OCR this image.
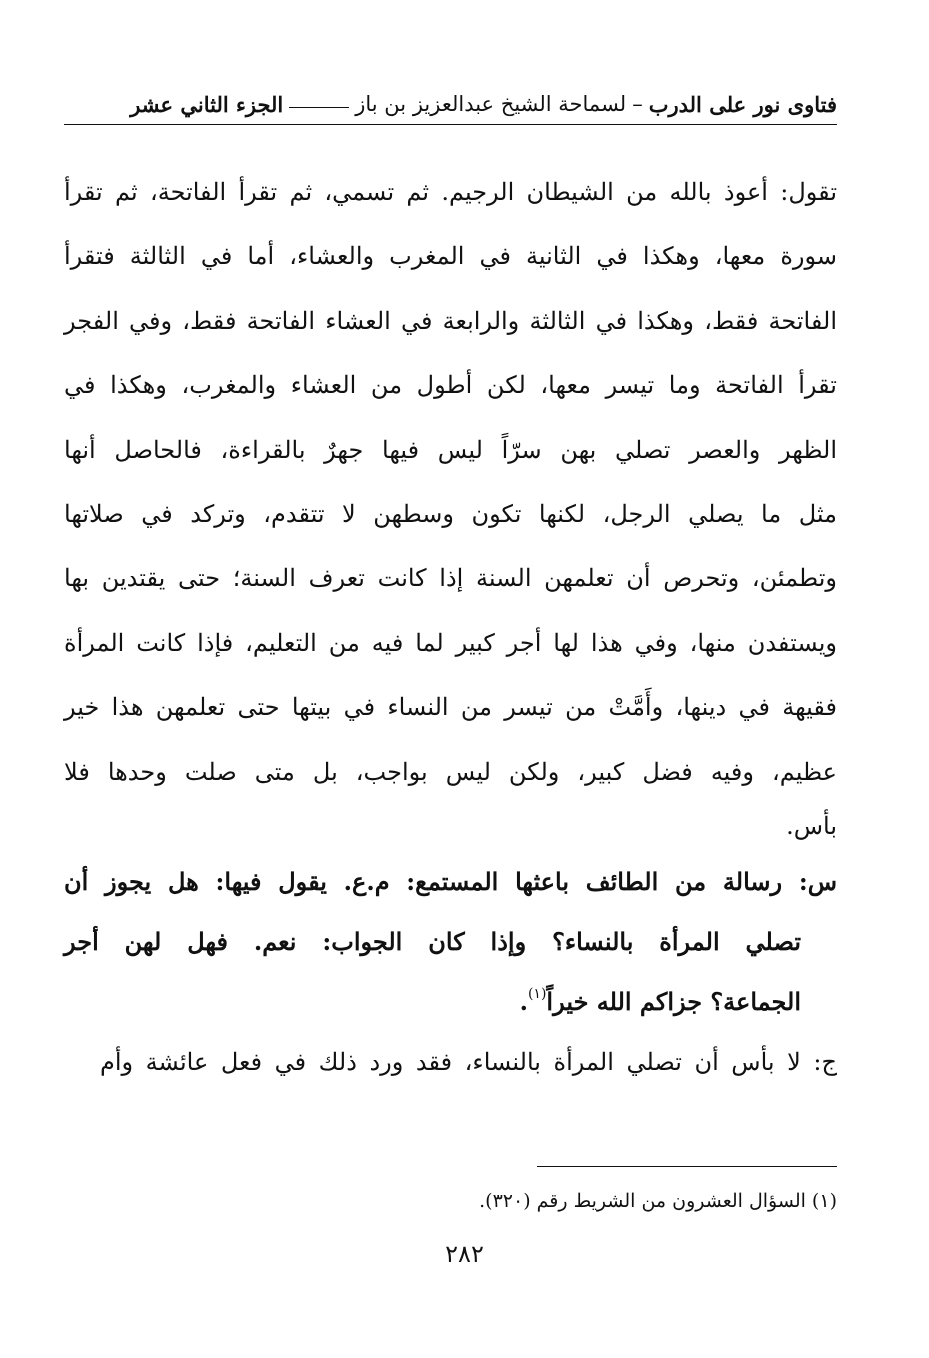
فتاوى نور على الدرب
–
لسماحة الشيخ عبدالعزيز بن باز
الجزء الثاني عشر
تقول: أعوذ بالله من الشيطان الرجيم. ثم تسمي، ثم تقرأ الفاتحة، ثم تقرأ
سورة معها، وهكذا في الثانية في المغرب والعشاء، أما في الثالثة فتقرأ
الفاتحة فقط، وهكذا في الثالثة والرابعة في العشاء الفاتحة فقط، وفي الفجر
تقرأ الفاتحة وما تيسر معها، لكن أطول من العشاء والمغرب، وهكذا في
الظهر والعصر تصلي بهن سرّاً ليس فيها جهرٌ بالقراءة، فالحاصل أنها
مثل ما يصلي الرجل، لكنها تكون وسطهن لا تتقدم، وتركد في صلاتها
وتطمئن، وتحرص أن تعلمهن السنة إذا كانت تعرف السنة؛ حتى يقتدين بها
ويستفدن منها، وفي هذا لها أجر كبير لما فيه من التعليم، فإذا كانت المرأة
فقيهة في دينها، وأَمَّتْ من تيسر من النساء في بيتها حتى تعلمهن هذا خير
عظيم، وفيه فضل كبير، ولكن ليس بواجب، بل متى صلت وحدها فلا
بأس.
س: رسالة من الطائف باعثها المستمع: م.ع. يقول فيها: هل يجوز أن
تصلي المرأة بالنساء؟ وإذا كان الجواب: نعم. فهل لهن أجر
الجماعة؟ جزاكم الله خيراً$^{(١)}$.
ج: لا بأس أن تصلي المرأة بالنساء، فقد ورد ذلك في فعل عائشة وأم
(١) السؤال العشرون من الشريط رقم (٣٢٠).
٢٨٢
